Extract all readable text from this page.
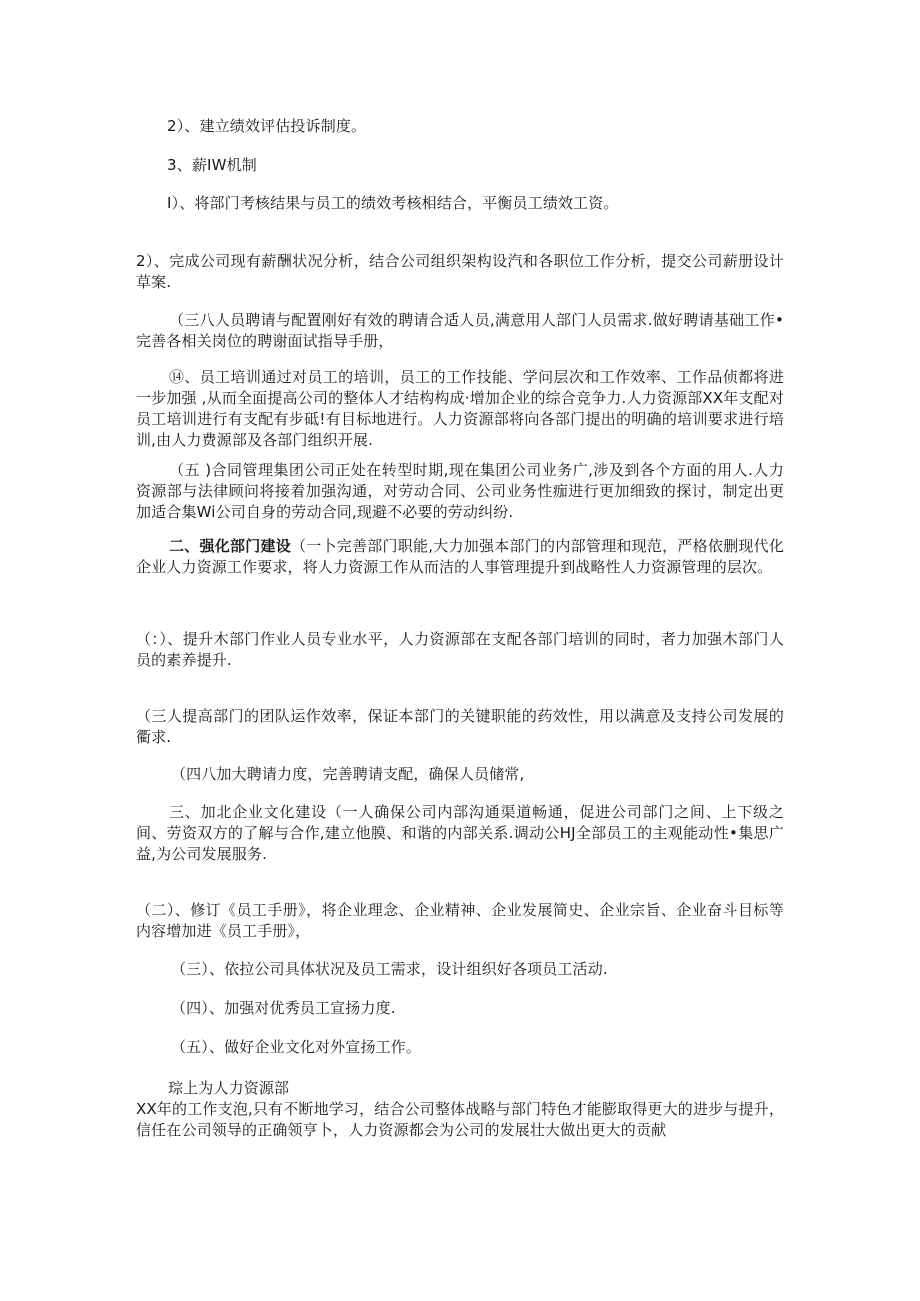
2）、建立绩效评估投诉制度。

3、薪IW机制

I）、将部门考核结果与员工的绩效考核相结合，平衡员工绩效工资。

2）、完成公司现有薪酬状况分析，结合公司组织架构设汽和各职位工作分析，提交公司薪册设计草案.

（三八人员聘请与配置刚好有效的聘请合适人员,满意用人部门人员需求.做好聘请基础工作•完善各相关岗位的聘谢面试指导手册，

⑭、员工培训通过对员工的培训，员工的工作技能、学问层次和工作效率、工作品侦都将进一步加强 ,从而全面提高公司的整体人才结构构成·增加企业的综合竞争力.人力资源部XX年支配对员工培训进行有支配有步砥!有目标地进行。人力资源部将向各部门提出的明确的培训要求进行培训,由人力费源部及各部门组织开展.

（五 )合同管理集团公司正处在转型时期,现在集团公司业务广,涉及到各个方面的用人.人力资源部与法律顾问将接着加强沟通，对劳动合同、公司业务性痂进行更加细致的探讨，制定出更加适合集Wi公司自身的劳动合同,现避不必要的劳动纠纷.

二、强化部门建设（一卜完善部门职能,大力加强本部门的内部管理和现范，严格依删现代化企业人力资源工作要求，将人力资源工作从而洁的人事管理提升到战略性人力资源管理的层次。

（：）、提升木部门作业人员专业水平，人力资源部在支配各部门培训的同时，者力加强木部门人员的素养提升.

（三人提高部门的团队运作效率，保证本部门的关键职能的药效性，用以满意及支持公司发展的衢求.

（四八加大聘请力度，完善聘请支配，确保人员储常,

三、加北企业文化建设（一人确保公司内部沟通渠道畅通，促进公司部门之间、上下级之间、劳资双方的了解与合作,建立他膜、和谐的内部关系.调动公HJ全部员工的主观能动性•集思广益,为公司发展服务.

（二）、修订《员工手册》，将企业理念、企业精神、企业发展简史、企业宗旨、企业奋斗目标等内容增加进《员工手册》，

（三）、依拉公司具体状况及员工需求，设计组织好各项员工活动.

（四）、加强对优秀员工宣扬力度.

（五）、做好企业文化对外宣扬工作。

琮上为人力资源部

XX年的工作支泡,只有不断地学习，结合公司整体战略与部门特色才能膨取得更大的进步与提升，信任在公司领导的正确领亨卜，人力资源都会为公司的发展壮大做出更大的贡献
